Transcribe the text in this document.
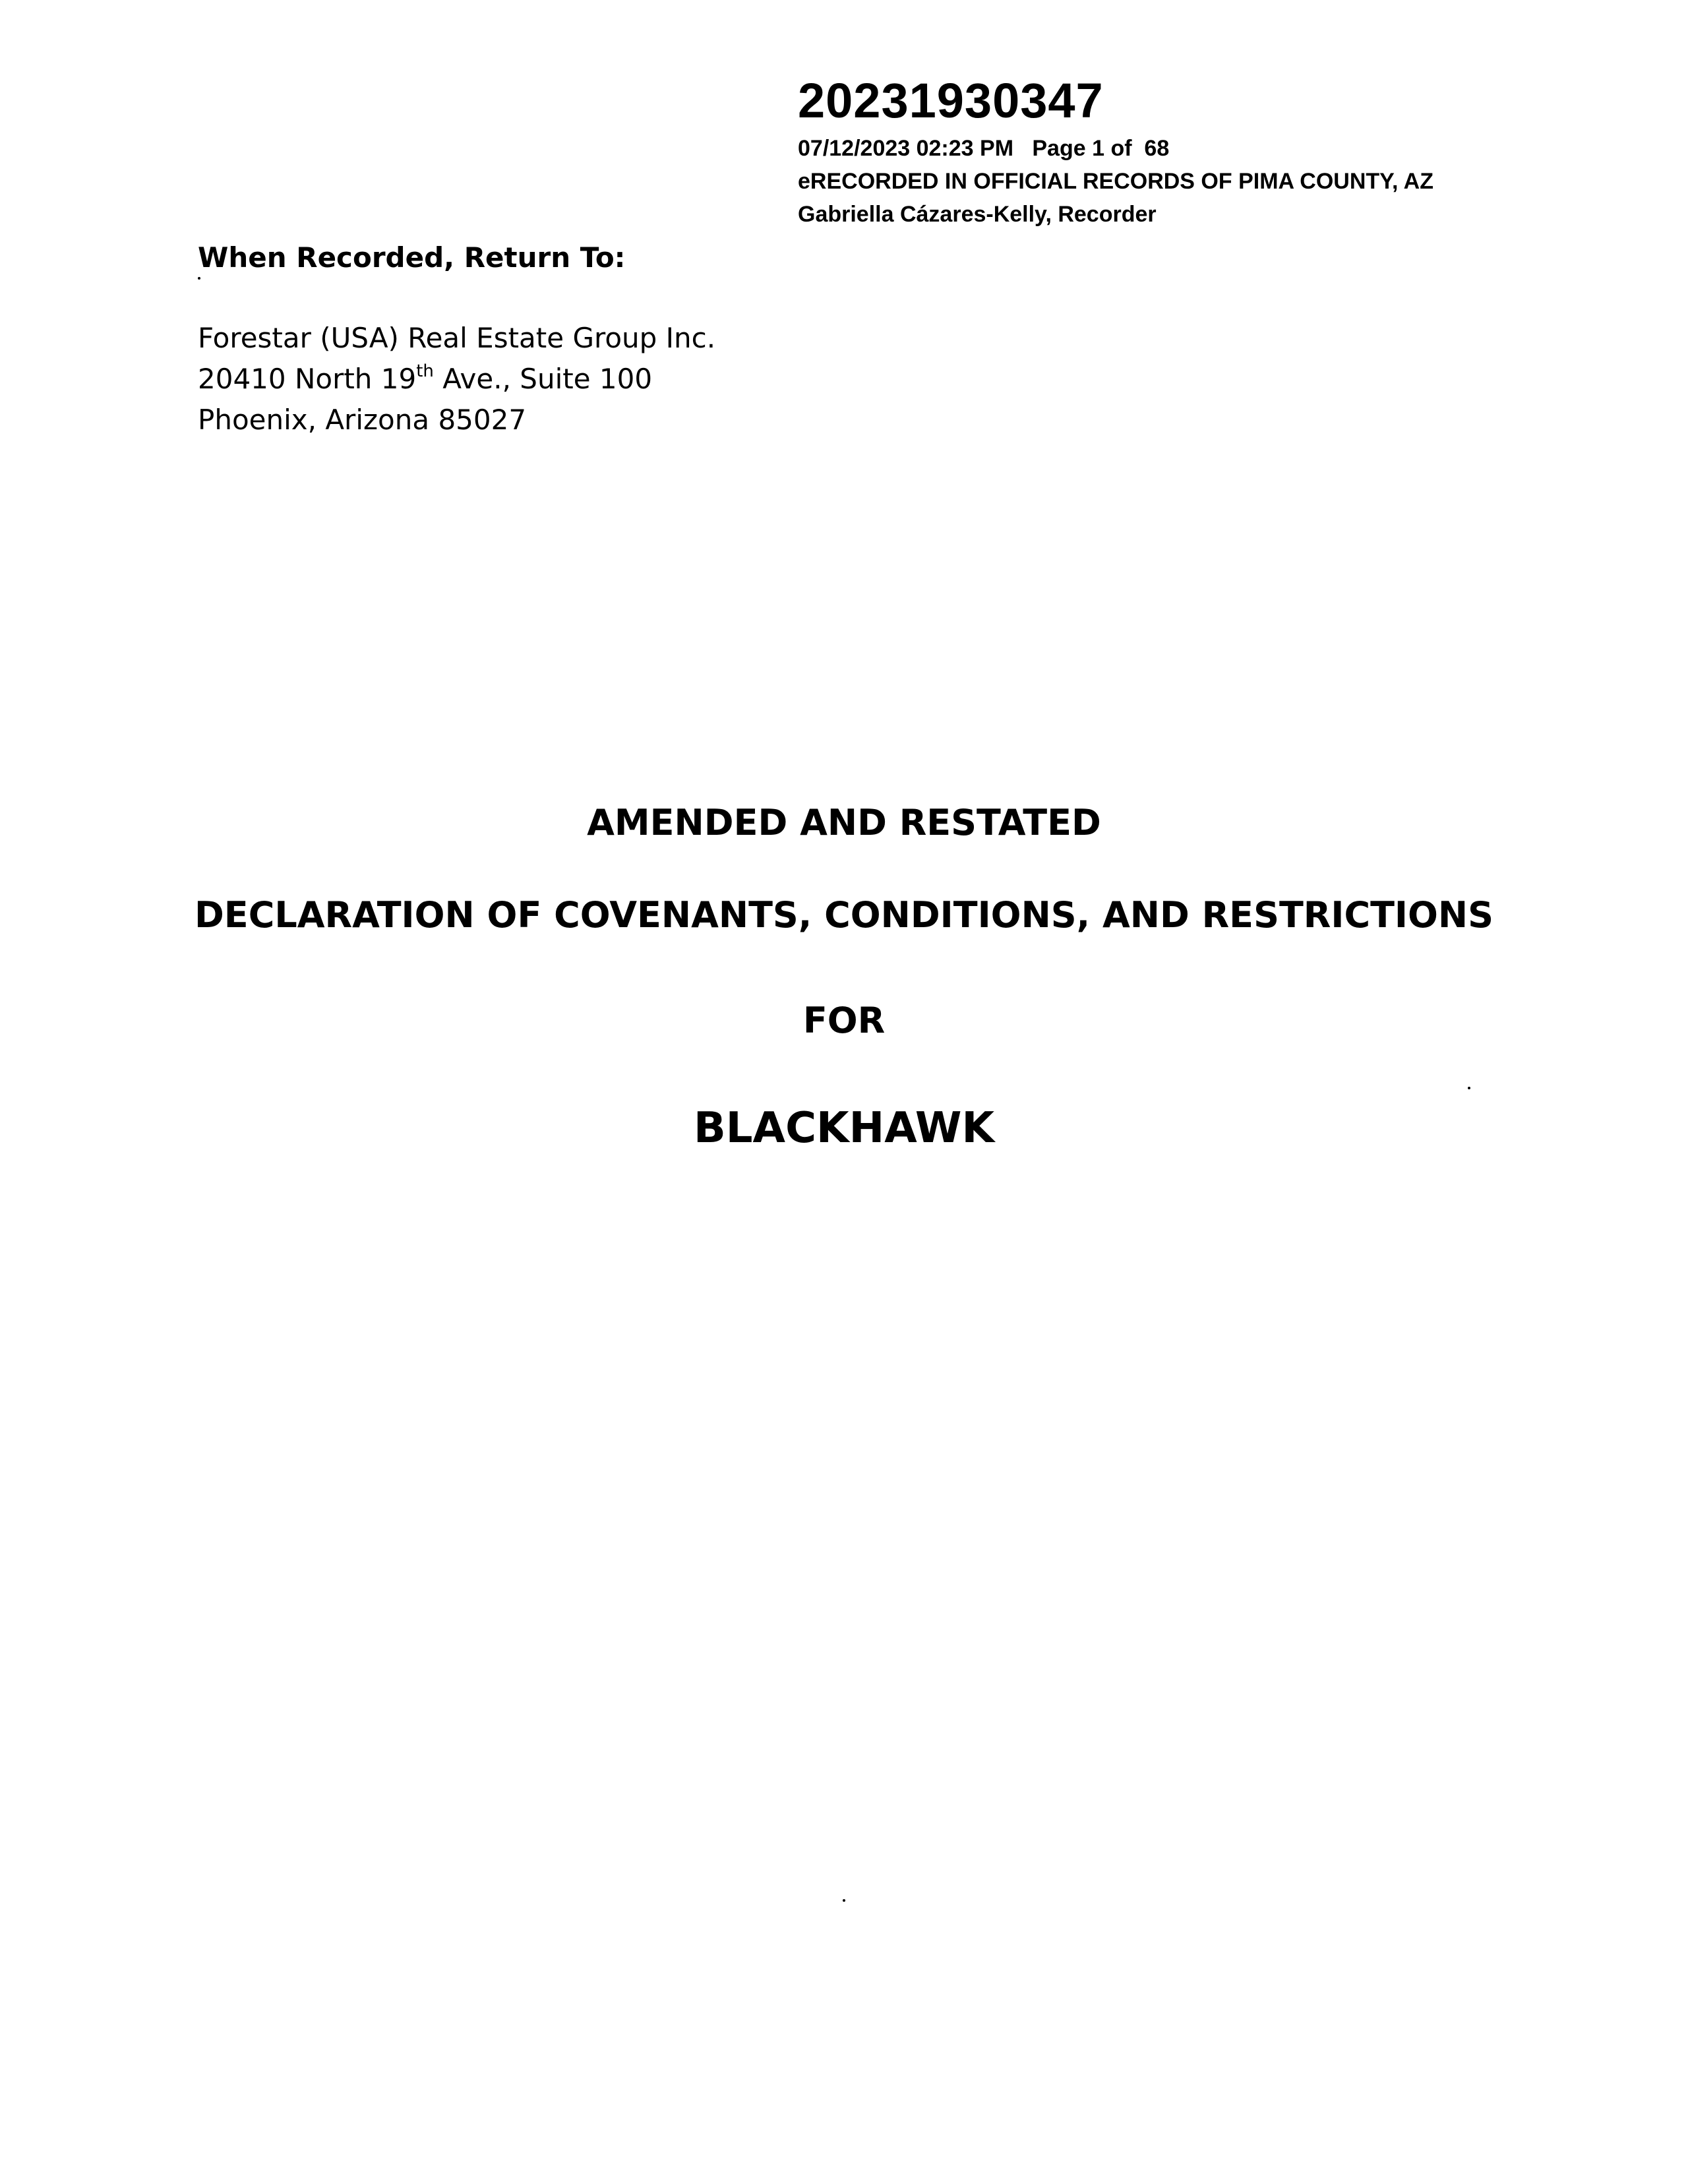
20231930347
07/12/2023 02:23 PM Page 1 of  68
eRECORDED IN OFFICIAL RECORDS OF PIMA COUNTY, AZ
Gabriella Cázares-Kelly, Recorder
When Recorded, Return To:
Forestar (USA) Real Estate Group Inc.
20410 North 19th Ave., Suite 100
Phoenix, Arizona 85027
AMENDED AND RESTATED
DECLARATION OF COVENANTS, CONDITIONS, AND RESTRICTIONS
FOR
BLACKHAWK
